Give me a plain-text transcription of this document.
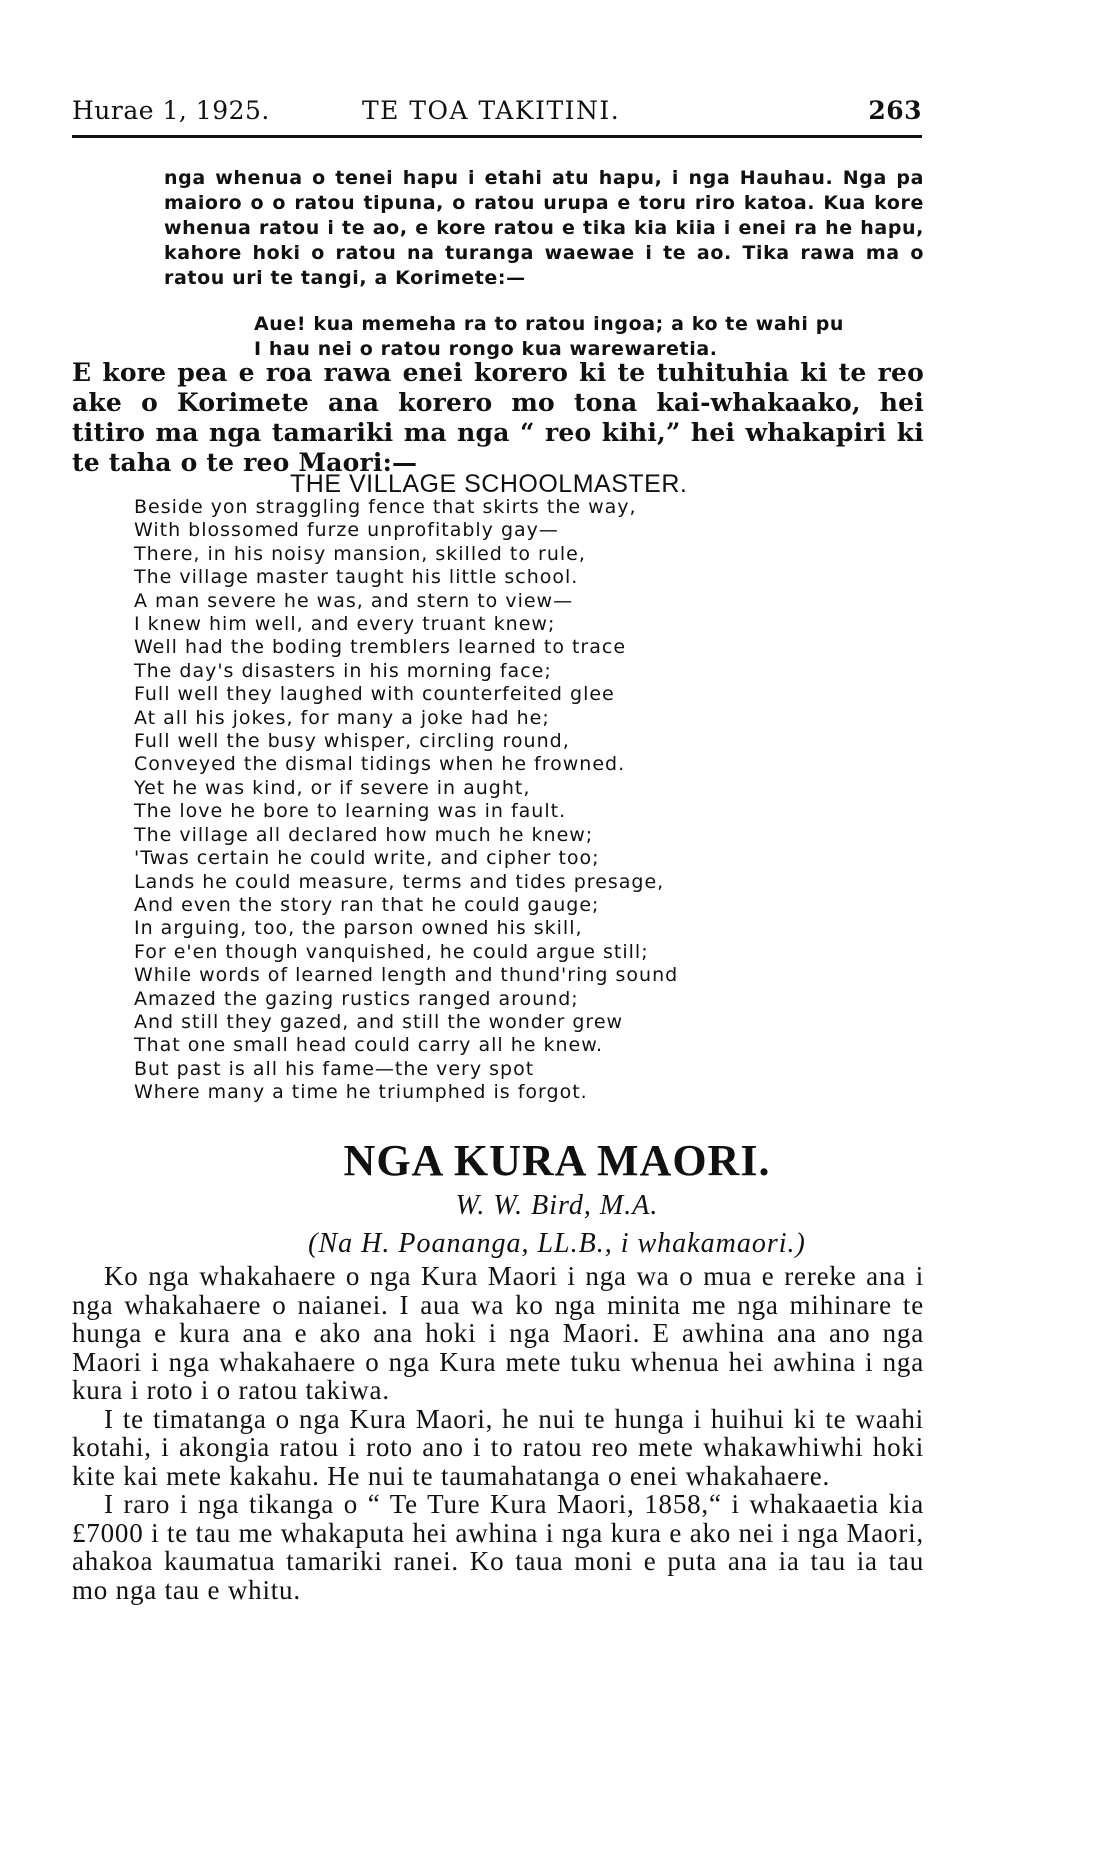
Hurae 1, 1925.	TE TOA TAKITINI.	263

nga whenua o tenei hapu i etahi atu hapu, i nga Hauhau. Nga pa maioro o o ratou tipuna, o ratou urupa e toru riro katoa. Kua kore whenua ratou i te ao, e kore ratou e tika kia kiia i enei ra he hapu, kahore hoki o ratou na turanga waewae i te ao. Tika rawa ma o ratou uri te tangi, a Korimete:—

Aue! kua memeha ra to ratou ingoa; a ko te wahi pu
I hau nei o ratou rongo kua warewaretia.

E kore pea e roa rawa enei korero ki te tuhituhia ki te reo ake o Korimete ana korero mo tona kai-whakaako, hei titiro ma nga tamariki ma nga “ reo kihi,” hei whakapiri ki te taha o te reo Maori:—

THE VILLAGE SCHOOLMASTER.
Beside yon straggling fence that skirts the way,
With blossomed furze unprofitably gay—
There, in his noisy mansion, skilled to rule,
The village master taught his little school.
A man severe he was, and stern to view—
I knew him well, and every truant knew;
Well had the boding tremblers learned to trace
The day's disasters in his morning face;
Full well they laughed with counterfeited glee
At all his jokes, for many a joke had he;
Full well the busy whisper, circling round,
Conveyed the dismal tidings when he frowned.
Yet he was kind, or if severe in aught,
The love he bore to learning was in fault.
The village all declared how much he knew;
'Twas certain he could write, and cipher too;
Lands he could measure, terms and tides presage,
And even the story ran that he could gauge;
In arguing, too, the parson owned his skill,
For e'en though vanquished, he could argue still;
While words of learned length and thund'ring sound
Amazed the gazing rustics ranged around;
And still they gazed, and still the wonder grew
That one small head could carry all he knew.
But past is all his fame—the very spot
Where many a time he triumphed is forgot.
NGA KURA MAORI.
W. W. Bird, M.A.
(Na H. Poananga, LL.B., i whakamaori.)

Ko nga whakahaere o nga Kura Maori i nga wa o mua e rereke ana i nga whakahaere o naianei. I aua wa ko nga minita me nga mihinare te hunga e kura ana e ako ana hoki i nga Maori. E awhina ana ano nga Maori i nga whakahaere o nga Kura mete tuku whenua hei awhina i nga kura i roto i o ratou takiwa.

I te timatanga o nga Kura Maori, he nui te hunga i huihui ki te waahi kotahi, i akongia ratou i roto ano i to ratou reo mete whakawhiwhi hoki kite kai mete kakahu. He nui te taumahatanga o enei whakahaere.

I raro i nga tikanga o “ Te Ture Kura Maori, 1858,“ i whakaaetia kia £7000 i te tau me whakaputa hei awhina i nga kura e ako nei i nga Maori, ahakoa kaumatua tamariki ranei. Ko taua moni e puta ana ia tau ia tau mo nga tau e whitu.
